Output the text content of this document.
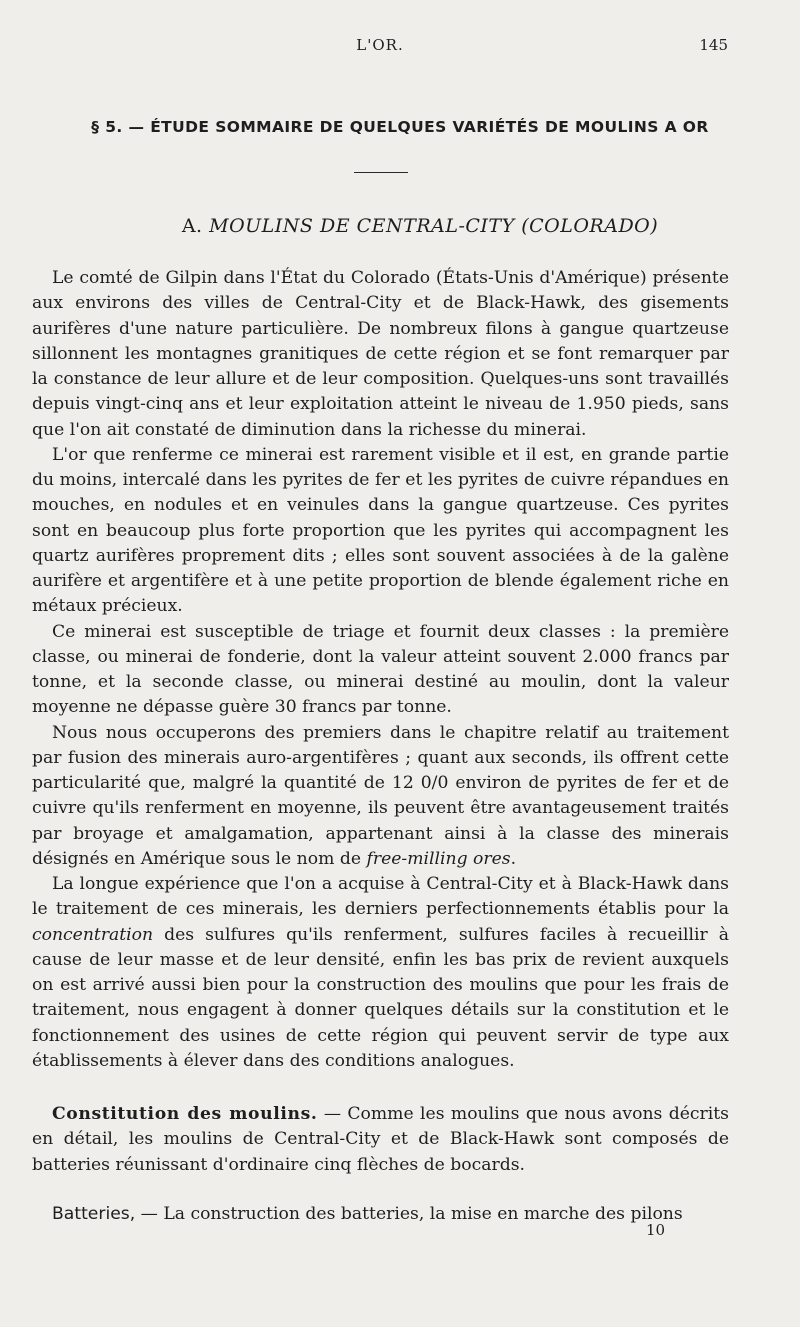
L'OR.	145
§ 5. — ÉTUDE SOMMAIRE DE QUELQUES VARIÉTÉS DE MOULINS A OR
A. MOULINS DE CENTRAL-CITY (COLORADO)

Le comté de Gilpin dans l'État du Colorado (États-Unis d'Amérique) présente aux environs des villes de Central-City et de Black-Hawk, des gisements aurifères d'une nature particulière. De nombreux filons à gangue quartzeuse sillonnent les montagnes granitiques de cette région et se font remarquer par la constance de leur allure et de leur composition. Quelques-uns sont travaillés depuis vingt-cinq ans et leur exploitation atteint le niveau de 1.950 pieds, sans que l'on ait constaté de diminution dans la richesse du minerai.

L'or que renferme ce minerai est rarement visible et il est, en grande partie du moins, intercalé dans les pyrites de fer et les pyrites de cuivre répandues en mouches, en nodules et en veinules dans la gangue quartzeuse. Ces pyrites sont en beaucoup plus forte proportion que les pyrites qui accompagnent les quartz aurifères proprement dits ; elles sont souvent associées à de la galène aurifère et argentifère et à une petite proportion de blende également riche en métaux précieux.

Ce minerai est susceptible de triage et fournit deux classes : la première classe, ou minerai de fonderie, dont la valeur atteint souvent 2.000 francs par tonne, et la seconde classe, ou minerai destiné au moulin, dont la valeur moyenne ne dépasse guère 30 francs par tonne.

Nous nous occuperons des premiers dans le chapitre relatif au traitement par fusion des minerais auro-argentifères ; quant aux seconds, ils offrent cette particularité que, malgré la quantité de 12 0/0 environ de pyrites de fer et de cuivre qu'ils renferment en moyenne, ils peuvent être avantageusement traités par broyage et amalgamation, appartenant ainsi à la classe des minerais désignés en Amérique sous le nom de free-milling ores.

La longue expérience que l'on a acquise à Central-City et à Black-Hawk dans le traitement de ces minerais, les derniers perfectionnements établis pour la concentration des sulfures qu'ils renferment, sulfures faciles à recueillir à cause de leur masse et de leur densité, enfin les bas prix de revient auxquels on est arrivé aussi bien pour la construction des moulins que pour les frais de traitement, nous engagent à donner quelques détails sur la constitution et le fonctionnement des usines de cette région qui peuvent servir de type aux établissements à élever dans des conditions analogues.

Constitution des moulins. — Comme les moulins que nous avons décrits en détail, les moulins de Central-City et de Black-Hawk sont composés de batteries réunissant d'ordinaire cinq flèches de bocards.

Batteries, — La construction des batteries, la mise en marche des pilons

10
